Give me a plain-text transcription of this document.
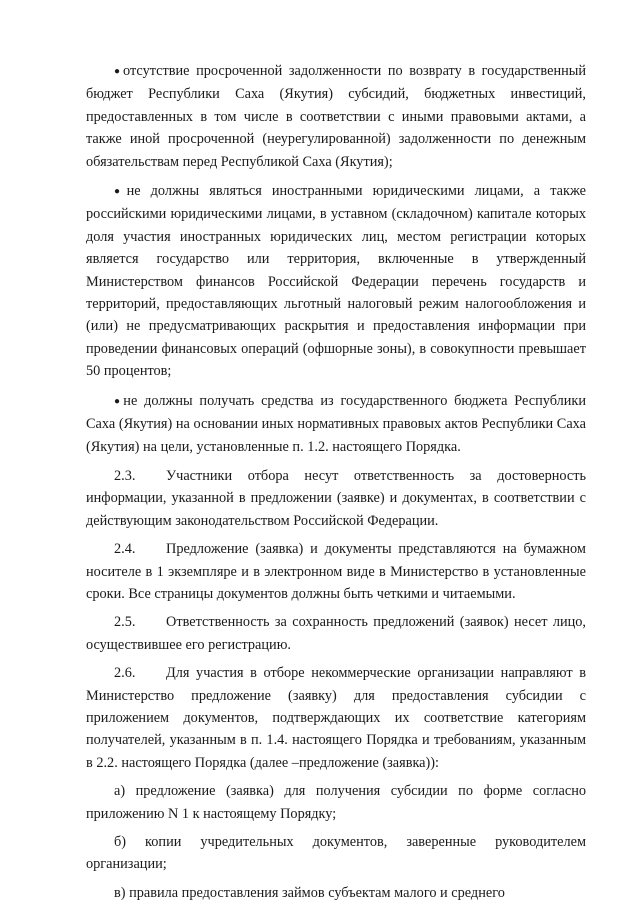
●отсутствие просроченной задолженности по возврату в государственный бюджет Республики Саха (Якутия) субсидий, бюджетных инвестиций, предоставленных в том числе в соответствии с иными правовыми актами, а также иной просроченной (неурегулированной) задолженности по денежным обязательствам перед Республикой Саха (Якутия);

●не должны являться иностранными юридическими лицами, а также российскими юридическими лицами, в уставном (складочном) капитале которых доля участия иностранных юридических лиц, местом регистрации которых является государство или территория, включенные в утвержденный Министерством финансов Российской Федерации перечень государств и территорий, предоставляющих льготный налоговый режим налогообложения и (или) не предусматривающих раскрытия и предоставления информации при проведении финансовых операций (офшорные зоны), в совокупности превышает 50 процентов;

●не должны получать средства из государственного бюджета Республики Саха (Якутия) на основании иных нормативных правовых актов Республики Саха (Якутия) на цели, установленные п. 1.2. настоящего Порядка.

2.3. Участники отбора несут ответственность за достоверность информации, указанной в предложении (заявке) и документах, в соответствии с действующим законодательством Российской Федерации.

2.4. Предложение (заявка) и документы представляются на бумажном носителе в 1 экземпляре и в электронном виде в Министерство в установленные сроки. Все страницы документов должны быть четкими и читаемыми.

2.5. Ответственность за сохранность предложений (заявок) несет лицо, осуществившее его регистрацию.

2.6. Для участия в отборе некоммерческие организации направляют в Министерство предложение (заявку) для предоставления субсидии с приложением документов, подтверждающих их соответствие категориям получателей, указанным в п. 1.4. настоящего Порядка и требованиям, указанным в 2.2. настоящего Порядка (далее –предложение (заявка)):

а) предложение (заявка) для получения субсидии по форме согласно приложению N 1 к настоящему Порядку;

б) копии учредительных документов, заверенные руководителем организации;

в) правила предоставления займов субъектам малого и среднего
